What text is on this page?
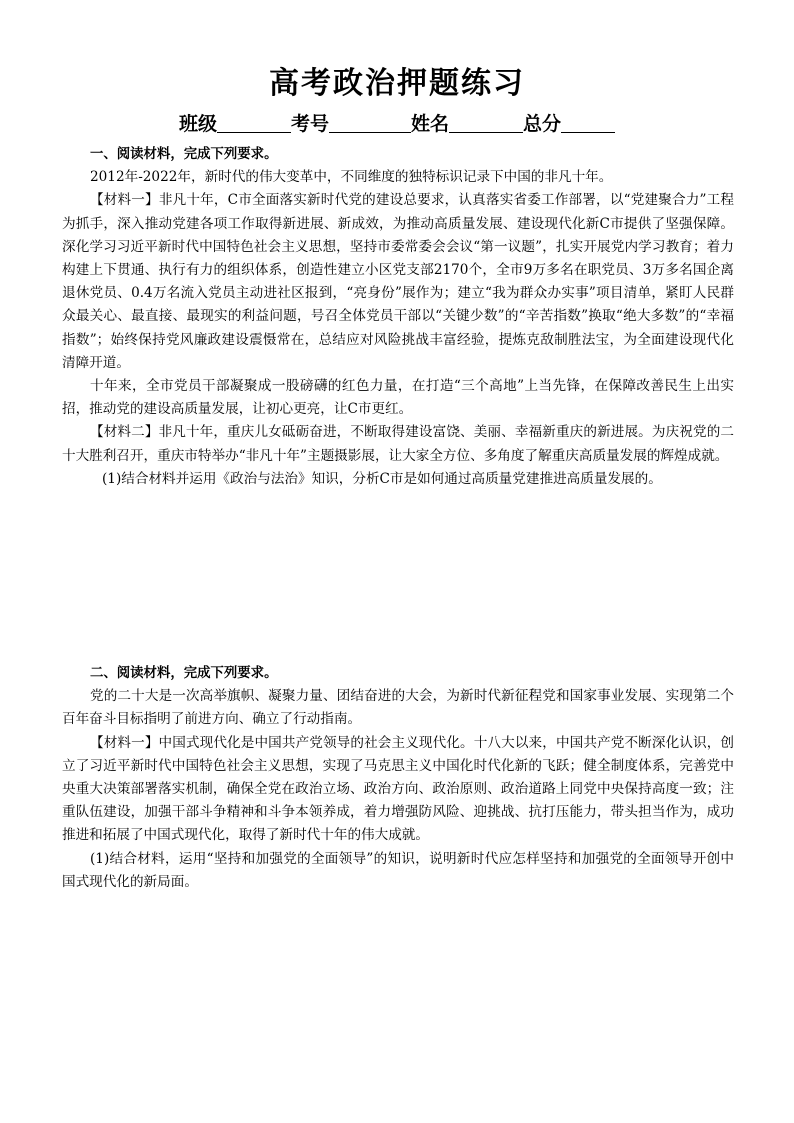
高考政治押题练习
班级	考号	姓名	总分

一、阅读材料，完成下列要求。

2012年-2022年，新时代的伟大变革中，不同维度的独特标识记录下中国的非凡十年。

【材料一】非凡十年，C市全面落实新时代党的建设总要求，认真落实省委工作部署，以“党建聚合力”工程为抓手，深入推动党建各项工作取得新进展、新成效，为推动高质量发展、建设现代化新C市提供了坚强保障。深化学习习近平新时代中国特色社会主义思想，坚持市委常委会会议“第一议题”，扎实开展党内学习教育；着力构建上下贯通、执行有力的组织体系，创造性建立小区党支部2170个，全市9万多名在职党员、3万多名国企离退休党员、0.4万名流入党员主动进社区报到，“亮身份”展作为；建立“我为群众办实事”项目清单，紧盯人民群众最关心、最直接、最现实的利益问题，号召全体党员干部以“关键少数”的“辛苦指数”换取“绝大多数”的“幸福指数”；始终保持党风廉政建设震慑常在，总结应对风险挑战丰富经验，提炼克敌制胜法宝，为全面建设现代化清障开道。

十年来，全市党员干部凝聚成一股磅礴的红色力量，在打造“三个高地”上当先锋，在保障改善民生上出实招，推动党的建设高质量发展，让初心更亮，让C市更红。

【材料二】非凡十年，重庆儿女砥砺奋进，不断取得建设富饶、美丽、幸福新重庆的新进展。为庆祝党的二十大胜利召开，重庆市特举办“非凡十年”主题摄影展，让大家全方位、多角度了解重庆高质量发展的辉煌成就。

(1)结合材料并运用《政治与法治》知识，分析C市是如何通过高质量党建推进高质量发展的。

二、阅读材料，完成下列要求。

党的二十大是一次高举旗帜、凝聚力量、团结奋进的大会，为新时代新征程党和国家事业发展、实现第二个百年奋斗目标指明了前进方向、确立了行动指南。

【材料一】中国式现代化是中国共产党领导的社会主义现代化。十八大以来，中国共产党不断深化认识，创立了习近平新时代中国特色社会主义思想，实现了马克思主义中国化时代化新的飞跃；健全制度体系，完善党中央重大决策部署落实机制，确保全党在政治立场、政治方向、政治原则、政治道路上同党中央保持高度一致；注重队伍建设，加强干部斗争精神和斗争本领养成，着力增强防风险、迎挑战、抗打压能力，带头担当作为，成功推进和拓展了中国式现代化，取得了新时代十年的伟大成就。

(1)结合材料，运用“坚持和加强党的全面领导”的知识，说明新时代应怎样坚持和加强党的全面领导开创中国式现代化的新局面。
